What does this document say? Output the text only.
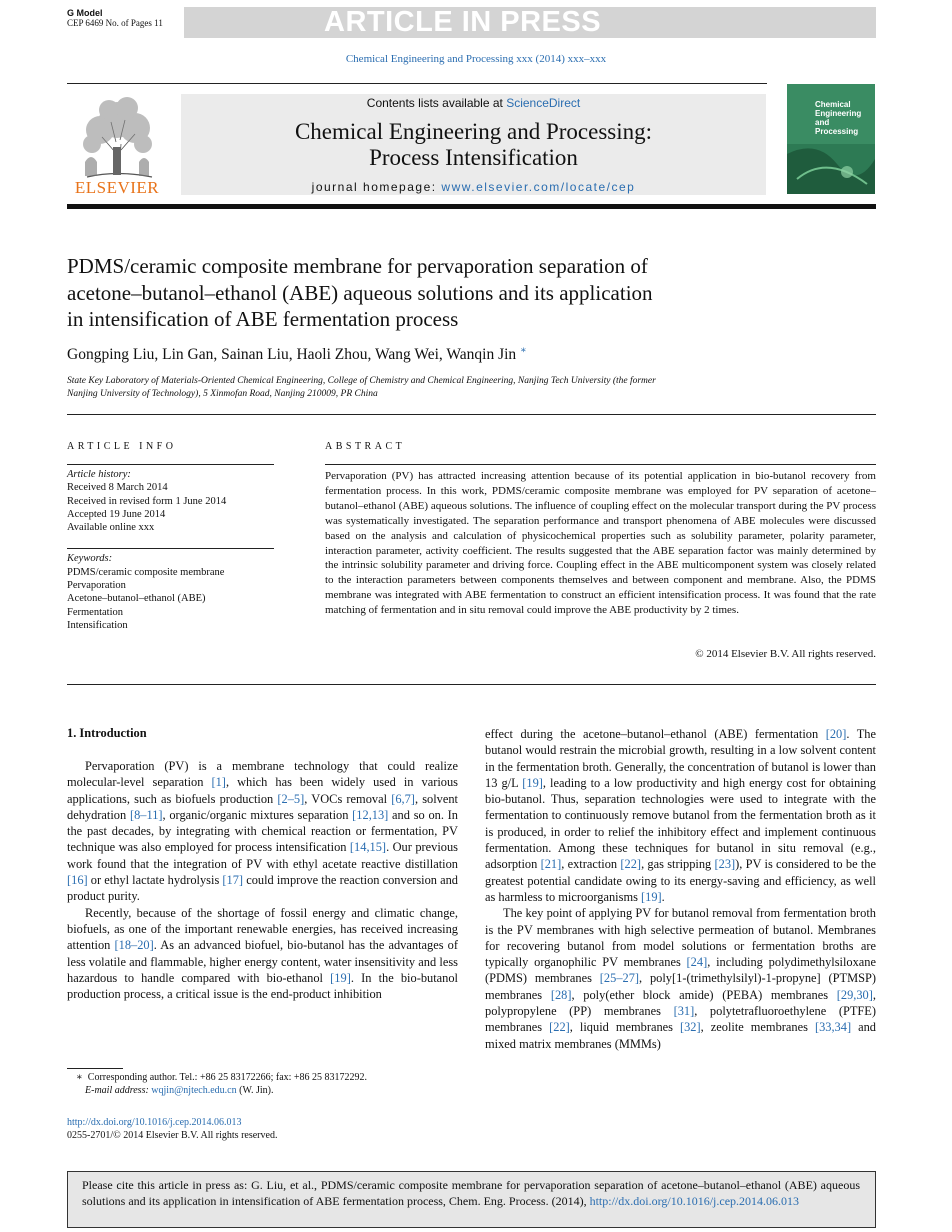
G Model
CEP 6469 No. of Pages 11	ARTICLE IN PRESS
Chemical Engineering and Processing xxx (2014) xxx–xxx
ELSEVIER
Contents lists available at ScienceDirect
Chemical Engineering and Processing:
Process Intensification
journal homepage: www.elsevier.com/locate/cep
Chemical Engineering and Processing
PDMS/ceramic composite membrane for pervaporation separation of
acetone–butanol–ethanol (ABE) aqueous solutions and its application
in intensification of ABE fermentation process
Gongping Liu, Lin Gan, Sainan Liu, Haoli Zhou, Wang Wei, Wanqin Jin ∗
State Key Laboratory of Materials-Oriented Chemical Engineering, College of Chemistry and Chemical Engineering, Nanjing Tech University (the former
Nanjing University of Technology), 5 Xinmofan Road, Nanjing 210009, PR China
ARTICLE INFO	ABSTRACT
Article history:
Received 8 March 2014
Received in revised form 1 June 2014
Accepted 19 June 2014
Available online xxx
Keywords:
PDMS/ceramic composite membrane
Pervaporation
Acetone–butanol–ethanol (ABE)
Fermentation
Intensification

Pervaporation (PV) has attracted increasing attention because of its potential application in bio-butanol recovery from fermentation process. In this work, PDMS/ceramic composite membrane was employed for PV separation of acetone–butanol–ethanol (ABE) aqueous solutions. The influence of coupling effect on the molecular transport during the PV process was systematically investigated. The separation performance and transport phenomena of ABE molecules were discussed based on the analysis and calculation of physicochemical properties such as solubility parameter, polarity parameter, interaction parameter, activity coefficient. The results suggested that the ABE separation factor was mainly determined by the intrinsic solubility parameter and driving force. Coupling effect in the ABE multicomponent system was closely related to the interaction parameters between components themselves and between component and membrane. Also, the PDMS membrane was integrated with ABE fermentation to construct an efficient intensification process. It was found that the rate matching of fermentation and in situ removal could improve the ABE productivity by 2 times.

© 2014 Elsevier B.V. All rights reserved.
1. Introduction

Pervaporation (PV) is a membrane technology that could realize molecular-level separation [1], which has been widely used in various applications, such as biofuels production [2–5], VOCs removal [6,7], solvent dehydration [8–11], organic/organic mixtures separation [12,13] and so on. In the past decades, by integrating with chemical reaction or fermentation, PV technique was also employed for process intensification [14,15]. Our previous work found that the integration of PV with ethyl acetate reactive distillation [16] or ethyl lactate hydrolysis [17] could improve the reaction conversion and product purity.

Recently, because of the shortage of fossil energy and climatic change, biofuels, as one of the important renewable energies, has received increasing attention [18–20]. As an advanced biofuel, bio-butanol has the advantages of less volatile and flammable, higher energy content, water insensitivity and less hazardous to handle compared with bio-ethanol [19]. In the bio-butanol production process, a critical issue is the end-product inhibition

effect during the acetone–butanol–ethanol (ABE) fermentation [20]. The butanol would restrain the microbial growth, resulting in a low solvent content in the fermentation broth. Generally, the concentration of butanol is lower than 13 g/L [19], leading to a low productivity and high energy cost for obtaining bio-butanol. Thus, separation technologies were used to integrate with the fermentation to continuously remove butanol from the fermentation broth as it is produced, in order to relief the inhibitory effect and implement continuous fermentation. Among these techniques for butanol in situ removal (e.g., adsorption [21], extraction [22], gas stripping [23]), PV is considered to be the greatest potential candidate owing to its energy-saving and efficiency, as well as harmless to microorganisms [19].

The key point of applying PV for butanol removal from fermentation broth is the PV membranes with high selective permeation of butanol. Membranes for recovering butanol from model solutions or fermentation broths are typically organophilic PV membranes [24], including polydimethylsiloxane (PDMS) membranes [25–27], poly[1-(trimethylsilyl)-1-propyne] (PTMSP) membranes [28], poly(ether block amide) (PEBA) membranes [29,30], polypropylene (PP) membranes [31], polytetrafluoroethylene (PTFE) membranes [22], liquid membranes [32], zeolite membranes [33,34] and mixed matrix membranes (MMMs)

∗ Corresponding author. Tel.: +86 25 83172266; fax: +86 25 83172292.
E-mail address: wqjin@njtech.edu.cn (W. Jin).
http://dx.doi.org/10.1016/j.cep.2014.06.013
0255-2701/© 2014 Elsevier B.V. All rights reserved.
Please cite this article in press as: G. Liu, et al., PDMS/ceramic composite membrane for pervaporation separation of acetone–butanol–ethanol (ABE) aqueous solutions and its application in intensification of ABE fermentation process, Chem. Eng. Process. (2014), http://dx.doi.org/10.1016/j.cep.2014.06.013
